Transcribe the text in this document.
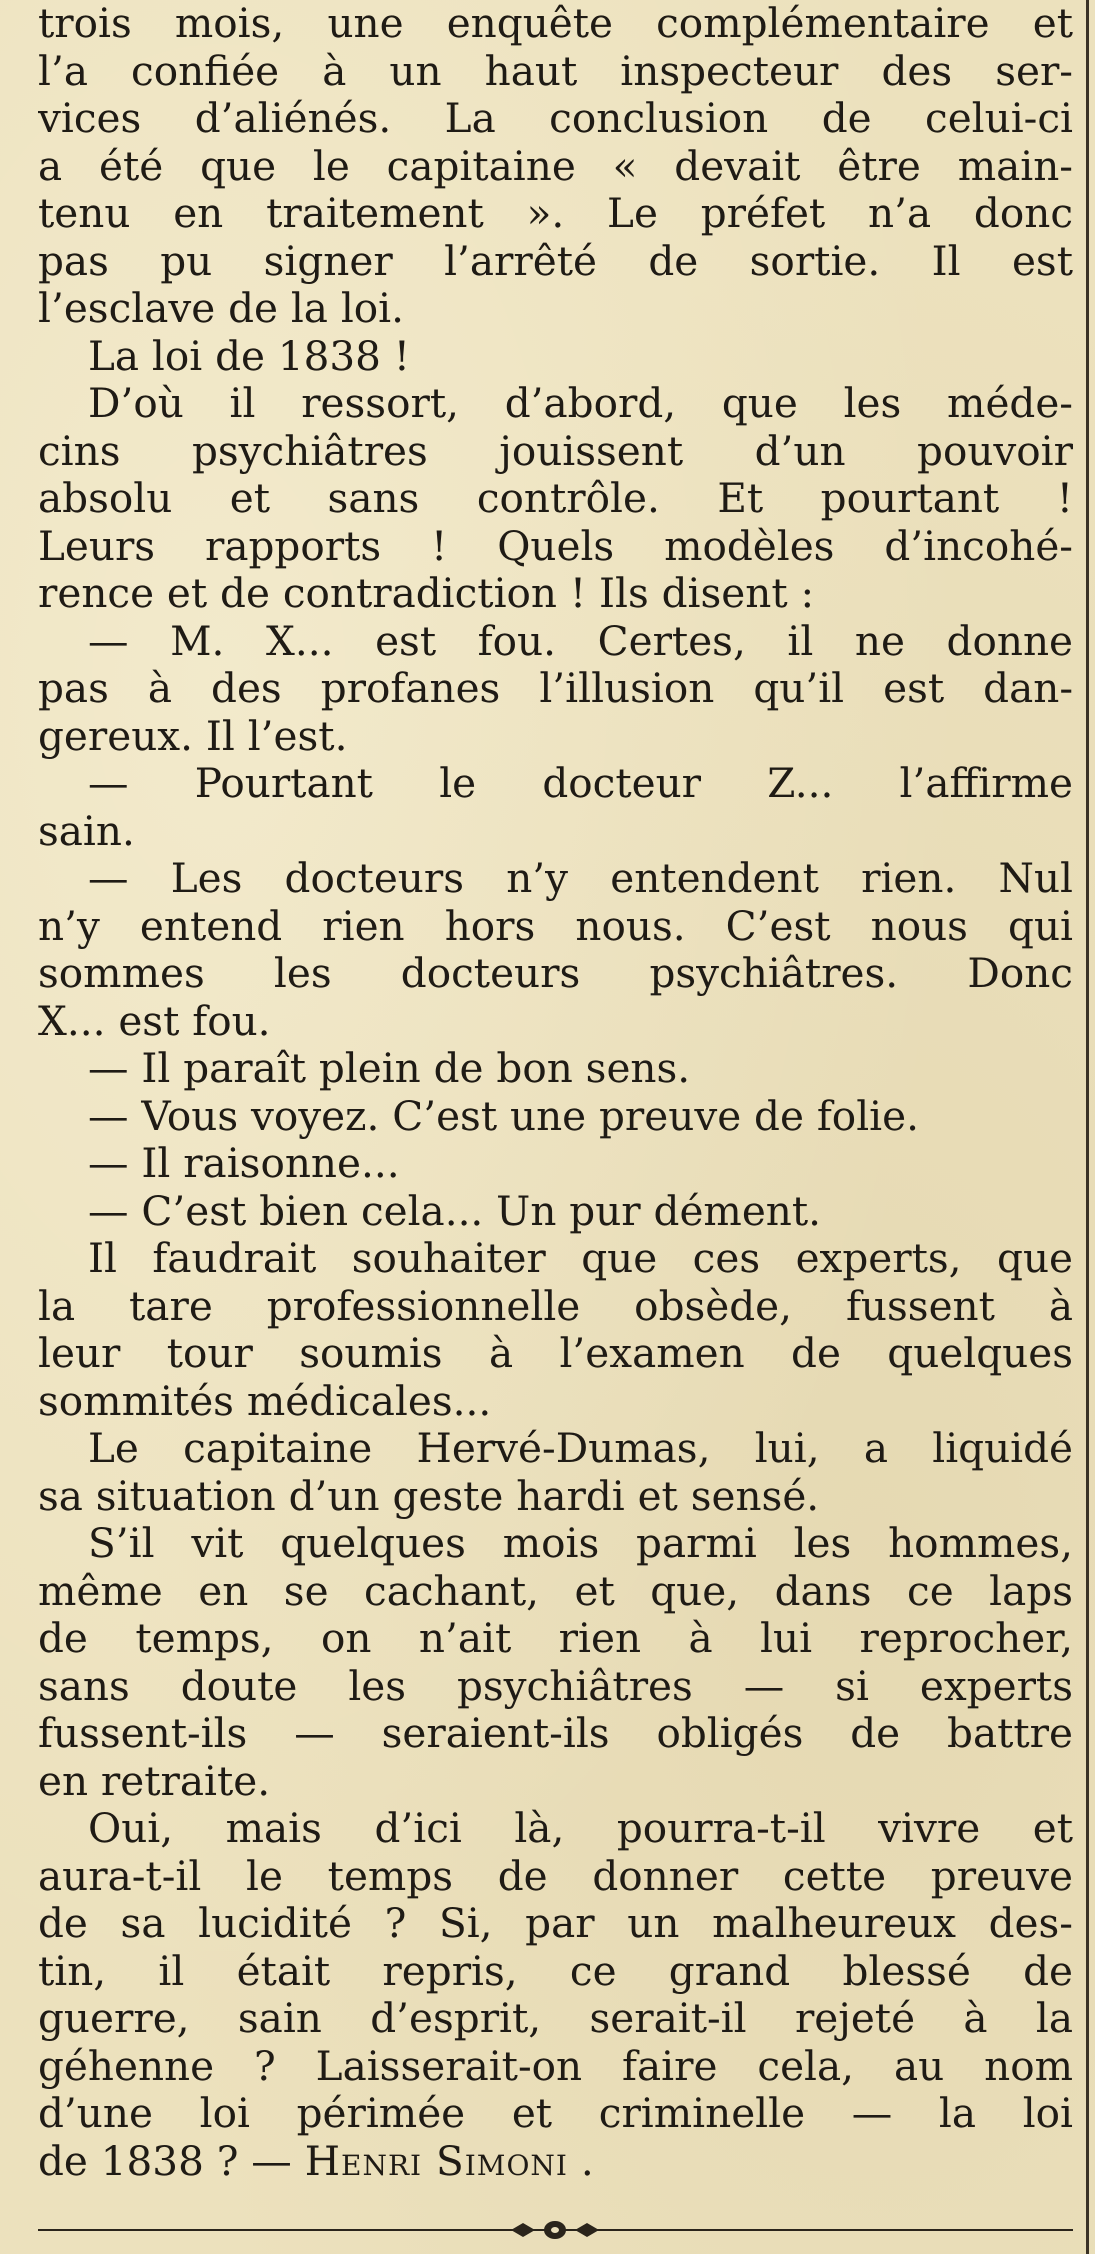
trois mois, une enquête complémentaire et
l’a confiée à un haut inspecteur des ser-
vices d’aliénés. La conclusion de celui-ci
a été que le capitaine « devait être main-
tenu en traitement ». Le préfet n’a donc
pas pu signer l’arrêté de sortie. Il est
l’esclave de la loi.
La loi de 1838 !
D’où il ressort, d’abord, que les méde-
cins psychiâtres jouissent d’un pouvoir
absolu et sans contrôle. Et pourtant !
Leurs rapports ! Quels modèles d’incohé-
rence et de contradiction ! Ils disent :
— M. X... est fou. Certes, il ne donne
pas à des profanes l’illusion qu’il est dan-
gereux. Il l’est.
— Pourtant le docteur Z... l’affirme
sain.
— Les docteurs n’y entendent rien. Nul
n’y entend rien hors nous. C’est nous qui
sommes les docteurs psychiâtres. Donc
X... est fou.
— Il paraît plein de bon sens.
— Vous voyez. C’est une preuve de folie.
— Il raisonne...
— C’est bien cela... Un pur dément.
Il faudrait souhaiter que ces experts, que
la tare professionnelle obsède, fussent à
leur tour soumis à l’examen de quelques
sommités médicales...
Le capitaine Hervé-Dumas, lui, a liquidé
sa situation d’un geste hardi et sensé.
S’il vit quelques mois parmi les hommes,
même en se cachant, et que, dans ce laps
de temps, on n’ait rien à lui reprocher,
sans doute les psychiâtres — si experts
fussent-ils — seraient-ils obligés de battre
en retraite.
Oui, mais d’ici là, pourra-t-il vivre et
aura-t-il le temps de donner cette preuve
de sa lucidité ? Si, par un malheureux des-
tin, il était repris, ce grand blessé de
guerre, sain d’esprit, serait-il rejeté à la
géhenne ? Laisserait-on faire cela, au nom
d’une loi périmée et criminelle — la loi
de 1838 ? — Henri Simoni .
